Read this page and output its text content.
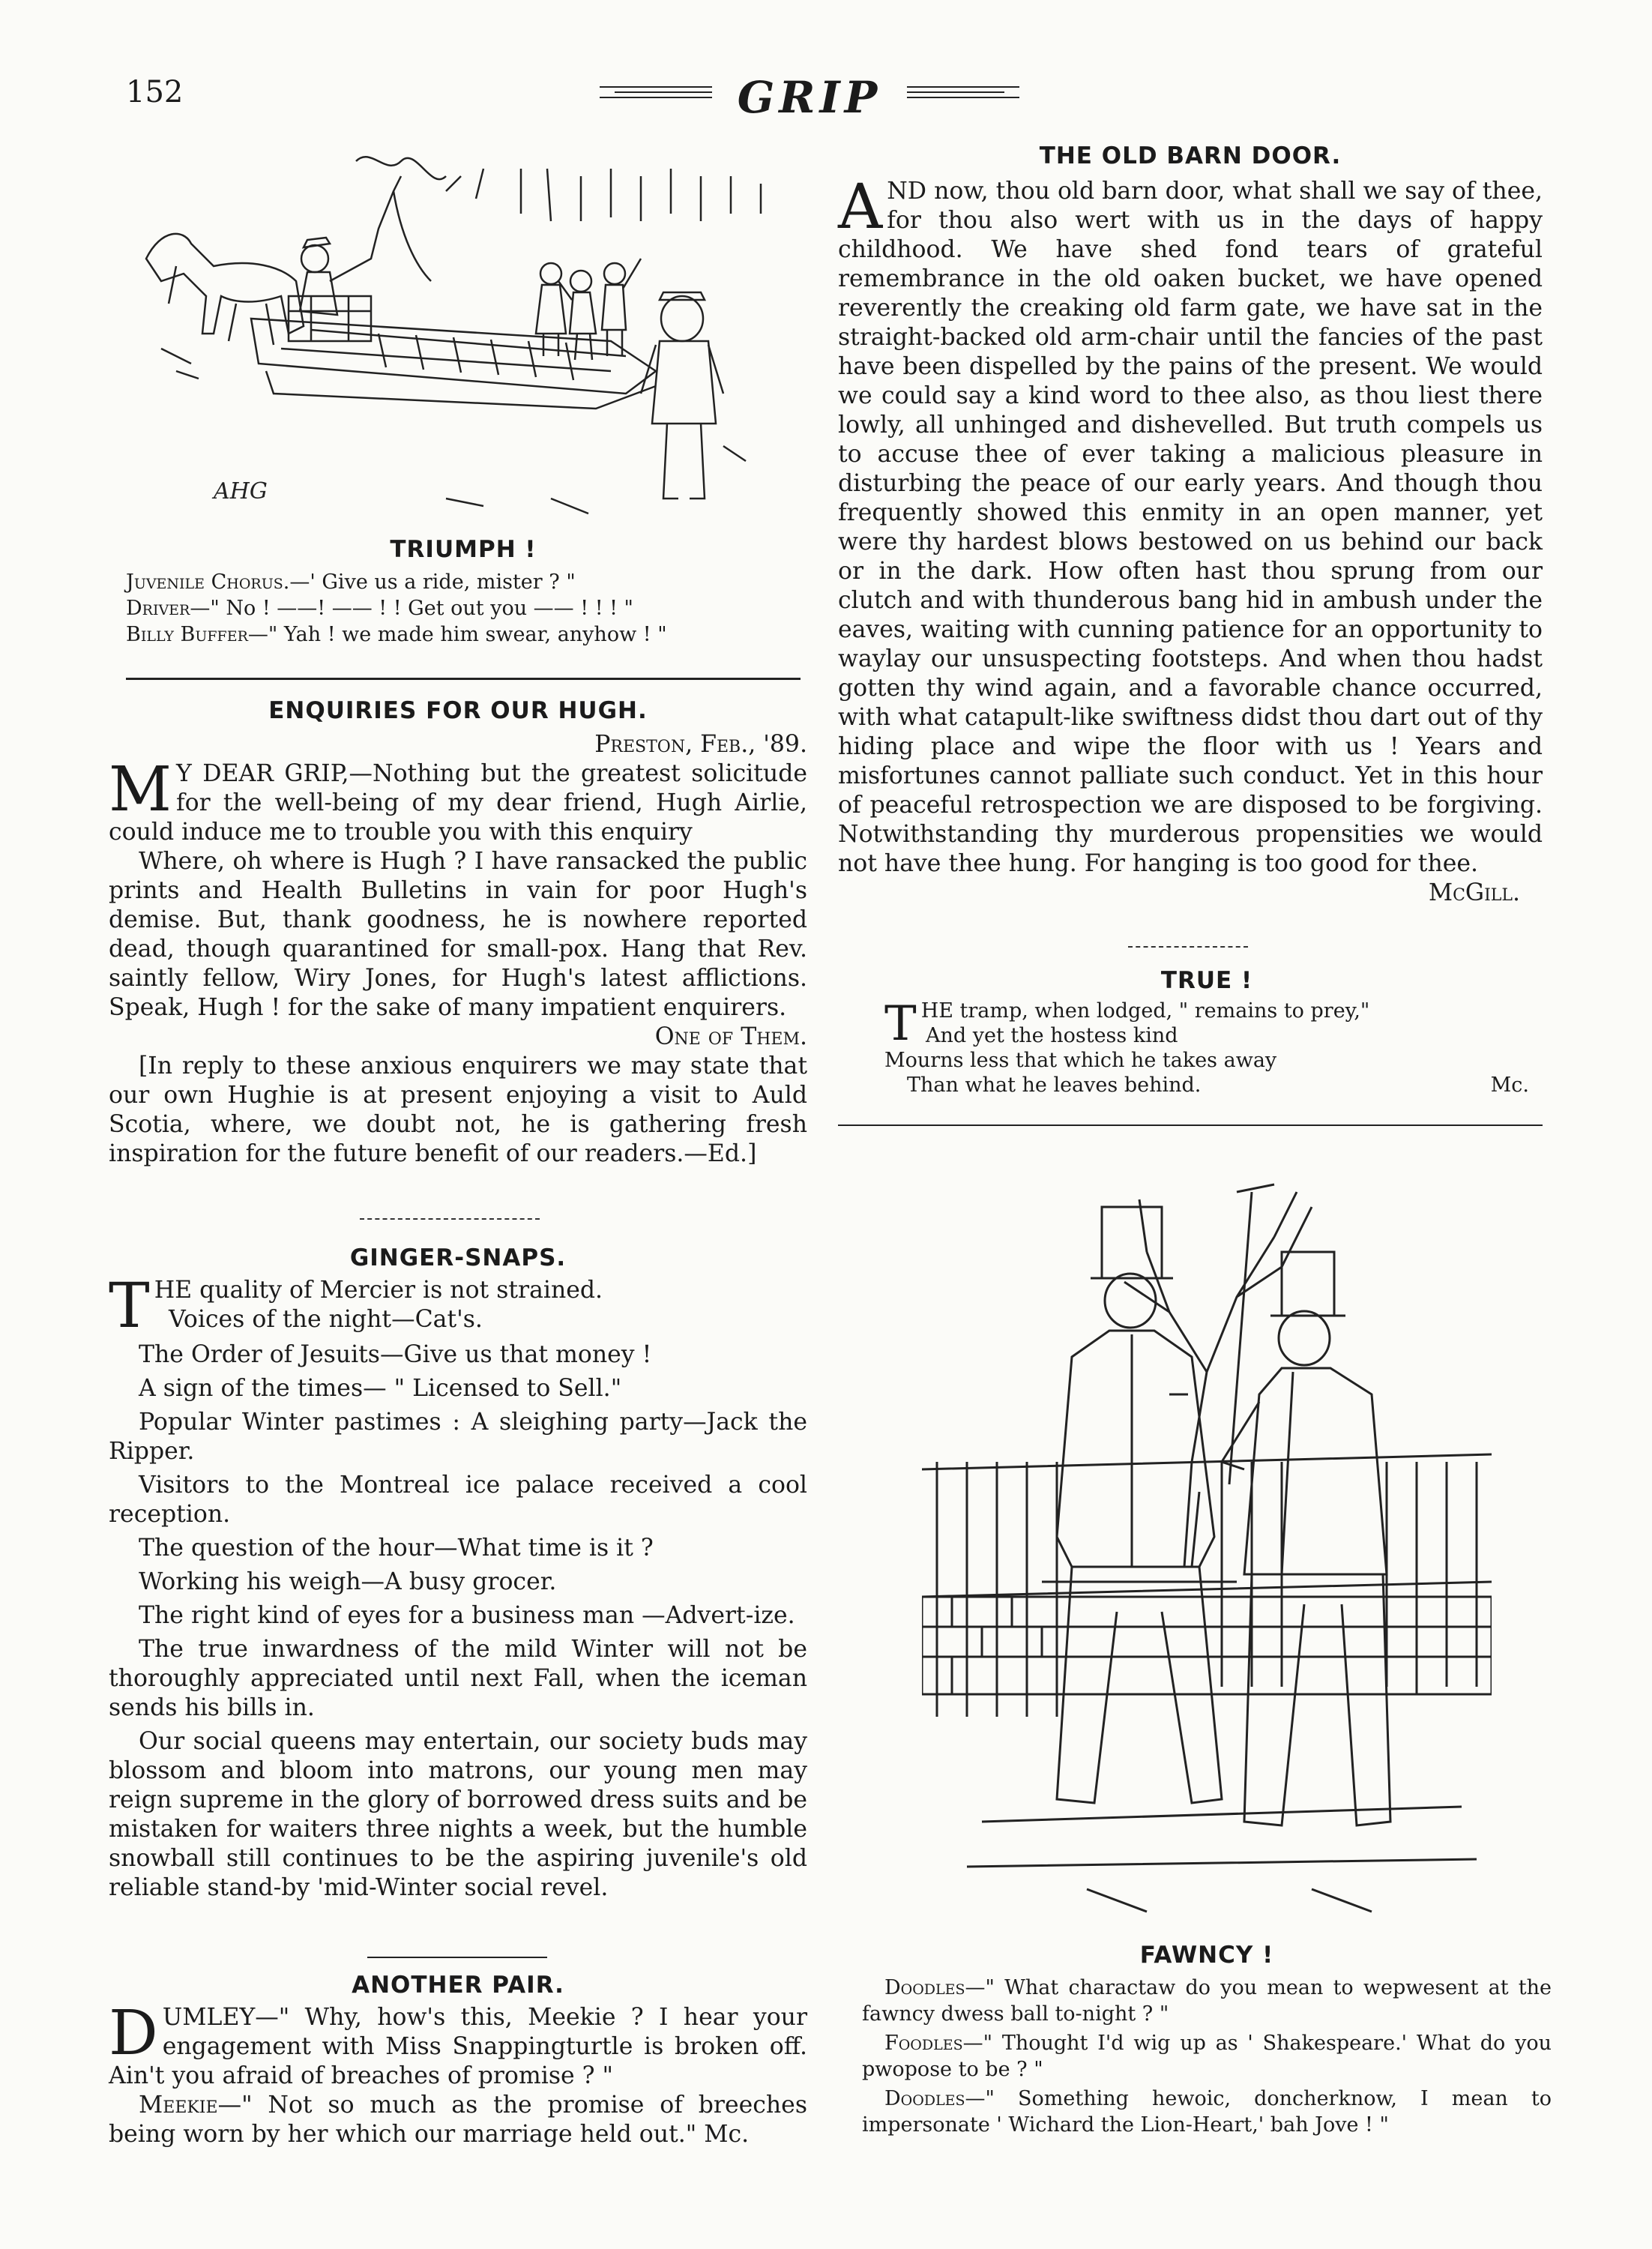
152	GRIP
AHG
TRIUMPH !

Juvenile Chorus.—' Give us a ride, mister ? "

Driver—" No ! ——! —— ! ! Get out you —— ! ! ! "

Billy Buffer—" Yah ! we made him swear, anyhow ! "

ENQUIRIES FOR OUR HUGH.
Preston, Feb., '89.

M Y DEAR GRIP,—Nothing but the greatest solicitude for the well-being of my dear friend, Hugh Airlie, could induce me to trouble you with this enquiry

Where, oh where is Hugh ? I have ransacked the public prints and Health Bulletins in vain for poor Hugh's demise. But, thank goodness, he is nowhere reported dead, though quarantined for small-pox. Hang that Rev. saintly fellow, Wiry Jones, for Hugh's latest afflictions. Speak, Hugh ! for the sake of many impatient enquirers.
One of Them.

[In reply to these anxious enquirers we may state that our own Hughie is at present enjoying a visit to Auld Scotia, where, we doubt not, he is gathering fresh inspiration for the future benefit of our readers.—Ed.]

GINGER-SNAPS.

THE quality of Mercier is not strained.

Voices of the night—Cat's.

The Order of Jesuits—Give us that money !

A sign of the times— " Licensed to Sell."

Popular Winter pastimes : A sleighing party—Jack the Ripper.

Visitors to the Montreal ice palace received a cool reception.

The question of the hour—What time is it ?

Working his weigh—A busy grocer.

The right kind of eyes for a business man —Advert-ize.

The true inwardness of the mild Winter will not be thoroughly appreciated until next Fall, when the iceman sends his bills in.

Our social queens may entertain, our society buds may blossom and bloom into matrons, our young men may reign supreme in the glory of borrowed dress suits and be mistaken for waiters three nights a week, but the humble snowball still continues to be the aspiring juvenile's old reliable stand-by 'mid-Winter social revel.

ANOTHER PAIR.

DUMLEY—" Why, how's this, Meekie ? I hear your engagement with Miss Snappingturtle is broken off. Ain't you afraid of breaches of promise ? "

Meekie—" Not so much as the promise of breeches being worn by her which our marriage held out." Mc.

THE OLD BARN DOOR.

AND now, thou old barn door, what shall we say of thee, for thou also wert with us in the days of happy childhood. We have shed fond tears of grateful remembrance in the old oaken bucket, we have opened reverently the creaking old farm gate, we have sat in the straight-backed old arm-chair until the fancies of the past have been dispelled by the pains of the present. We would we could say a kind word to thee also, as thou liest there lowly, all unhinged and dishevelled. But truth compels us to accuse thee of ever taking a malicious pleasure in disturbing the peace of our early years. And though thou frequently showed this enmity in an open manner, yet were thy hardest blows bestowed on us behind our back or in the dark. How often hast thou sprung from our clutch and with thunderous bang hid in ambush under the eaves, waiting with cunning patience for an opportunity to waylay our unsuspecting footsteps. And when thou hadst gotten thy wind again, and a favorable chance occurred, with what catapult-like swiftness didst thou dart out of thy hiding place and wipe the floor with us ! Years and misfortunes cannot palliate such conduct. Yet in this hour of peaceful retrospection we are disposed to be forgiving. Notwithstanding thy murderous propensities we would not have thee hung. For hanging is too good for thee.
McGill.

TRUE !

THE tramp, when lodged, " remains to prey,"

And yet the hostess kind

Mourns less that which he takes away

Than what he leaves behind.	Mc.

FAWNCY !

Doodles—" What charactaw do you mean to wepwesent at the fawncy dwess ball to-night ? "

Foodles—" Thought I'd wig up as ' Shakespeare.' What do you pwopose to be ? "

Doodles—" Something hewoic, doncherknow, I mean to impersonate ' Wichard the Lion-Heart,' bah Jove ! "
